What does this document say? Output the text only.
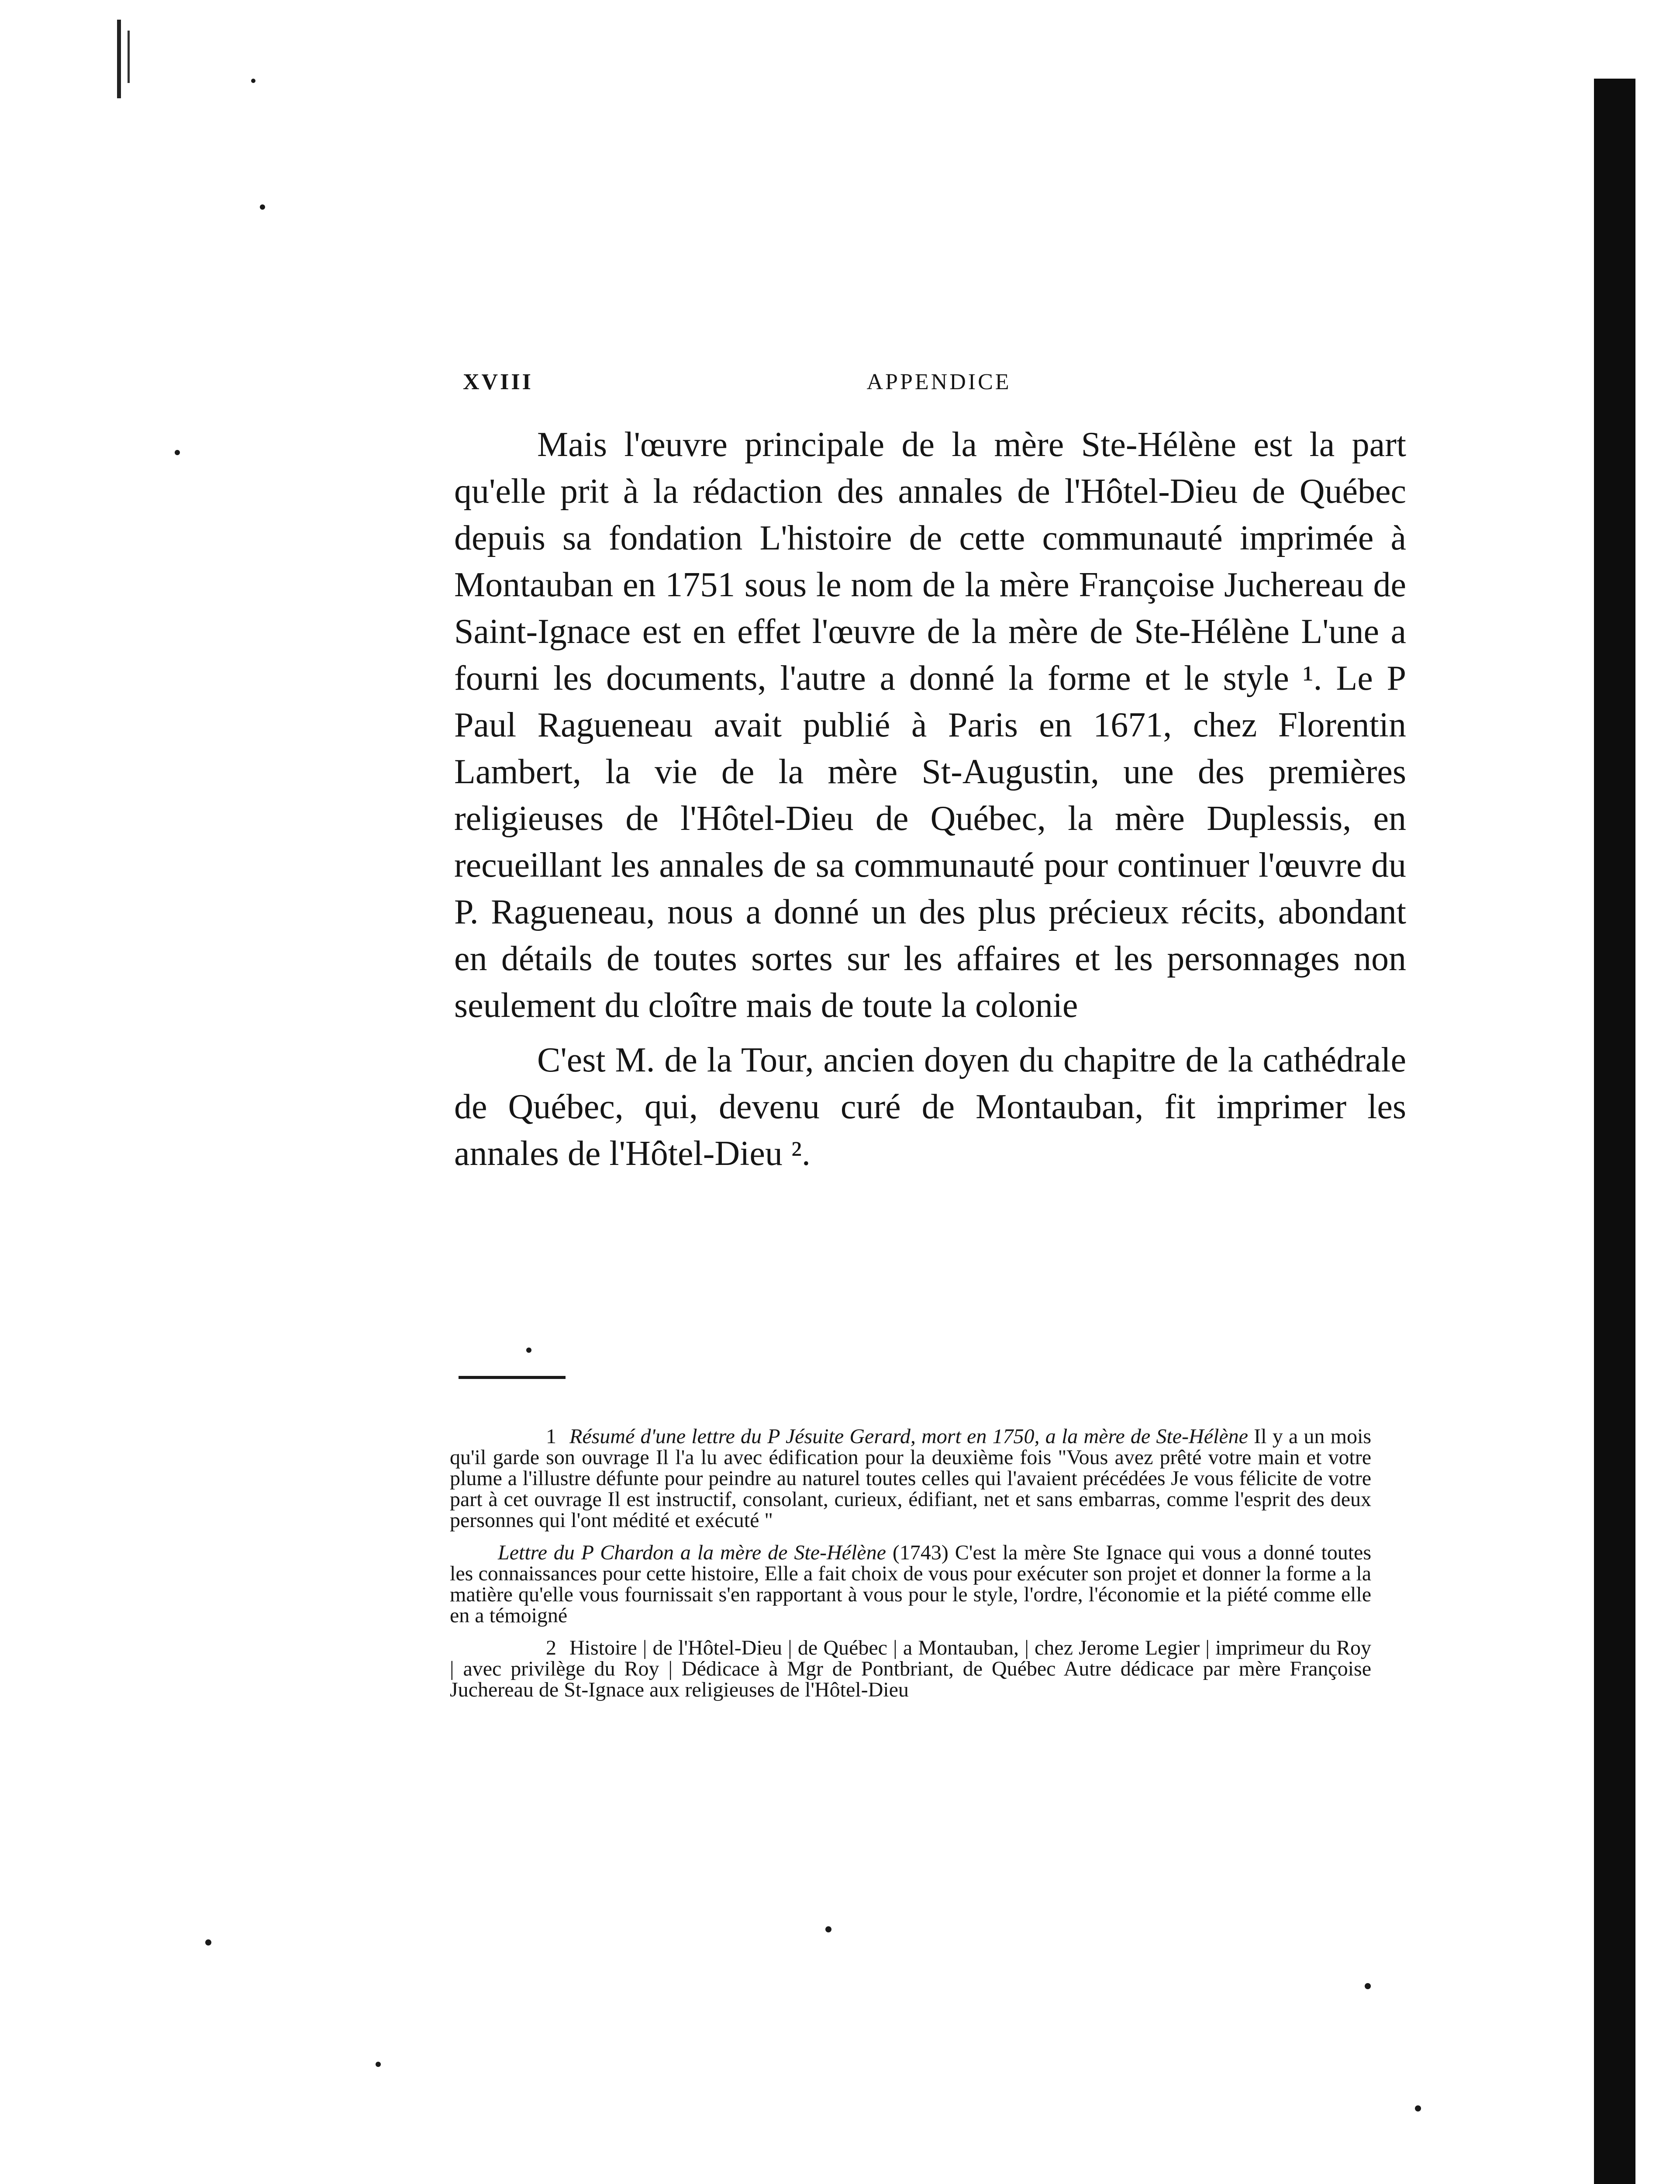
XVIII	APPENDICE

Mais l'œuvre principale de la mère Ste-Hélène est la part qu'elle prit à la rédaction des annales de l'Hôtel-Dieu de Québec depuis sa fondation L'histoire de cette communauté imprimée à Montauban en 1751 sous le nom de la mère Françoise Juchereau de Saint-Ignace est en effet l'œuvre de la mère de Ste-Hélène L'une a fourni les documents, l'autre a donné la forme et le style ¹. Le P Paul Ragueneau avait publié à Paris en 1671, chez Florentin Lambert, la vie de la mère St-Augustin, une des premières religieuses de l'Hôtel-Dieu de Québec, la mère Duplessis, en recueillant les annales de sa communauté pour continuer l'œuvre du P. Ragueneau, nous a donné un des plus précieux récits, abondant en détails de toutes sortes sur les affaires et les personnages non seulement du cloître mais de toute la colonie

C'est M. de la Tour, ancien doyen du chapitre de la cathédrale de Québec, qui, devenu curé de Montauban, fit imprimer les annales de l'Hôtel-Dieu ².

1 Résumé d'une lettre du P Jésuite Gerard, mort en 1750, a la mère de Ste-Hélène Il y a un mois qu'il garde son ouvrage Il l'a lu avec édification pour la deuxième fois "Vous avez prêté votre main et votre plume a l'illustre défunte pour peindre au naturel toutes celles qui l'avaient précédées Je vous félicite de votre part à cet ouvrage Il est instructif, consolant, curieux, édifiant, net et sans embarras, comme l'esprit des deux personnes qui l'ont médité et exécuté "

Lettre du P Chardon a la mère de Ste-Hélène (1743) C'est la mère Ste Ignace qui vous a donné toutes les connaissances pour cette histoire, Elle a fait choix de vous pour exécuter son projet et donner la forme a la matière qu'elle vous fournissait s'en rapportant à vous pour le style, l'ordre, l'économie et la piété comme elle en a témoigné

2 Histoire | de l'Hôtel-Dieu | de Québec | a Montauban, | chez Jerome Legier | imprimeur du Roy | avec privilège du Roy | Dédicace à Mgr de Pontbriant, de Québec Autre dédicace par mère Françoise Juchereau de St-Ignace aux religieuses de l'Hôtel-Dieu
